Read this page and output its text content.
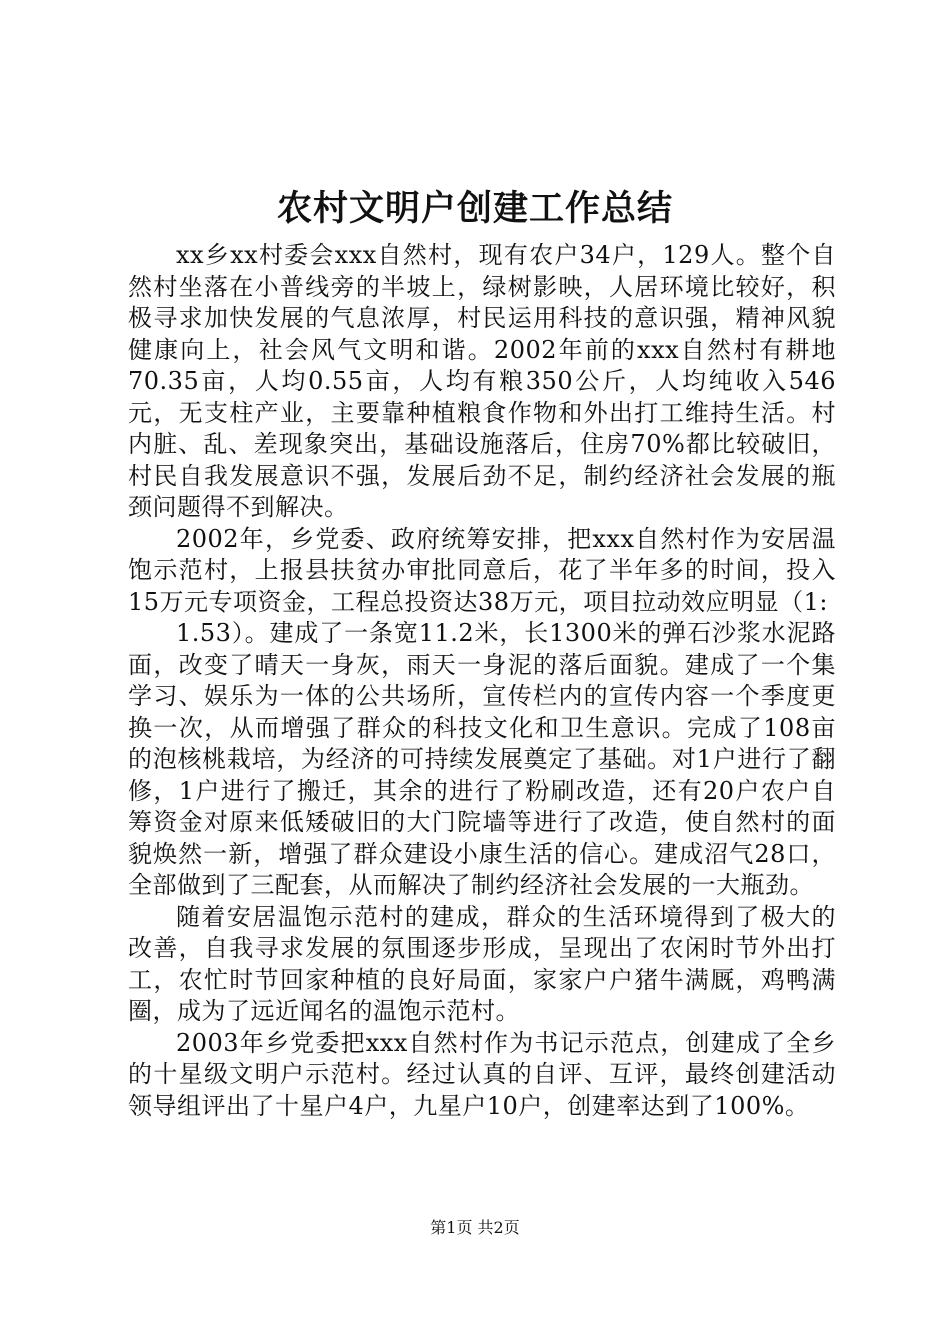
农村文明户创建工作总结

xx乡xx村委会xxx自然村，现有农户34户，129人。整个自然村坐落在小普线旁的半坡上，绿树影映，人居环境比较好，积极寻求加快发展的气息浓厚，村民运用科技的意识强，精神风貌健康向上，社会风气文明和谐。2002年前的xxx自然村有耕地70.35亩，人均0.55亩，人均有粮350公斤，人均纯收入546元，无支柱产业，主要靠种植粮食作物和外出打工维持生活。村内脏、乱、差现象突出，基础设施落后，住房70%都比较破旧，村民自我发展意识不强，发展后劲不足，制约经济社会发展的瓶颈问题得不到解决。

2002年，乡党委、政府统筹安排，把xxx自然村作为安居温饱示范村，上报县扶贫办审批同意后，花了半年多的时间，投入15万元专项资金，工程总投资达38万元，项目拉动效应明显（1:

1.53）。建成了一条宽11.2米，长1300米的弹石沙浆水泥路面，改变了晴天一身灰，雨天一身泥的落后面貌。建成了一个集学习、娱乐为一体的公共场所，宣传栏内的宣传内容一个季度更换一次，从而增强了群众的科技文化和卫生意识。完成了108亩的泡核桃栽培，为经济的可持续发展奠定了基础。对1户进行了翻修，1户进行了搬迁，其余的进行了粉刷改造，还有20户农户自筹资金对原来低矮破旧的大门院墙等进行了改造，使自然村的面貌焕然一新，增强了群众建设小康生活的信心。建成沼气28口，全部做到了三配套，从而解决了制约经济社会发展的一大瓶劲。

随着安居温饱示范村的建成，群众的生活环境得到了极大的改善，自我寻求发展的氛围逐步形成，呈现出了农闲时节外出打工，农忙时节回家种植的良好局面，家家户户猪牛满厩，鸡鸭满圈，成为了远近闻名的温饱示范村。

2003年乡党委把xxx自然村作为书记示范点，创建成了全乡的十星级文明户示范村。经过认真的自评、互评，最终创建活动领导组评出了十星户4户，九星户10户，创建率达到了100%。

第1页 共2页
